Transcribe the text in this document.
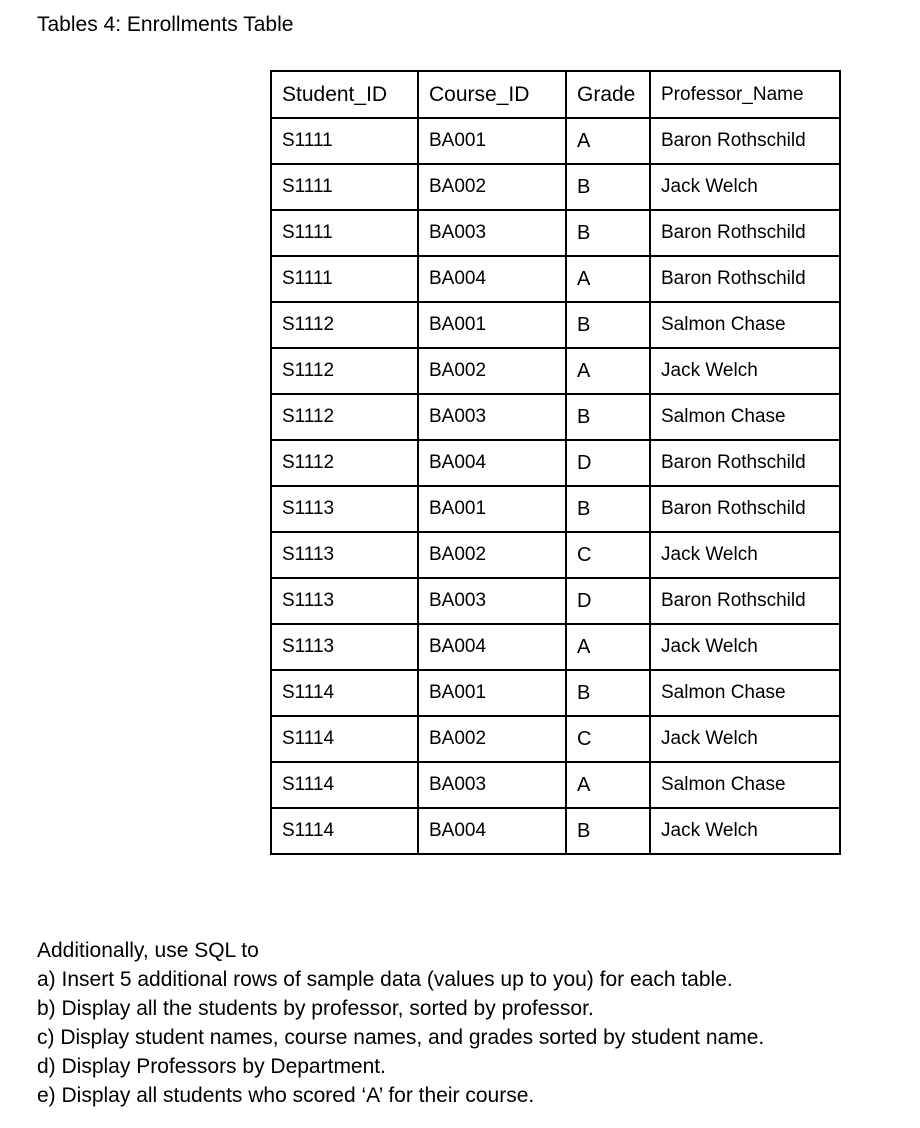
Tables 4: Enrollments Table
Student_ID	Course_ID	Grade	Professor_Name
S1111	BA001	A	Baron Rothschild
S1111	BA002	B	Jack Welch
S1111	BA003	B	Baron Rothschild
S1111	BA004	A	Baron Rothschild
S1112	BA001	B	Salmon Chase
S1112	BA002	A	Jack Welch
S1112	BA003	B	Salmon Chase
S1112	BA004	D	Baron Rothschild
S1113	BA001	B	Baron Rothschild
S1113	BA002	C	Jack Welch
S1113	BA003	D	Baron Rothschild
S1113	BA004	A	Jack Welch
S1114	BA001	B	Salmon Chase
S1114	BA002	C	Jack Welch
S1114	BA003	A	Salmon Chase
S1114	BA004	B	Jack Welch
Additionally, use SQL to
a) Insert 5 additional rows of sample data (values up to you) for each table.
b) Display all the students by professor, sorted by professor.
c) Display student names, course names, and grades sorted by student name.
d) Display Professors by Department.
e) Display all students who scored ‘A’ for their course.
